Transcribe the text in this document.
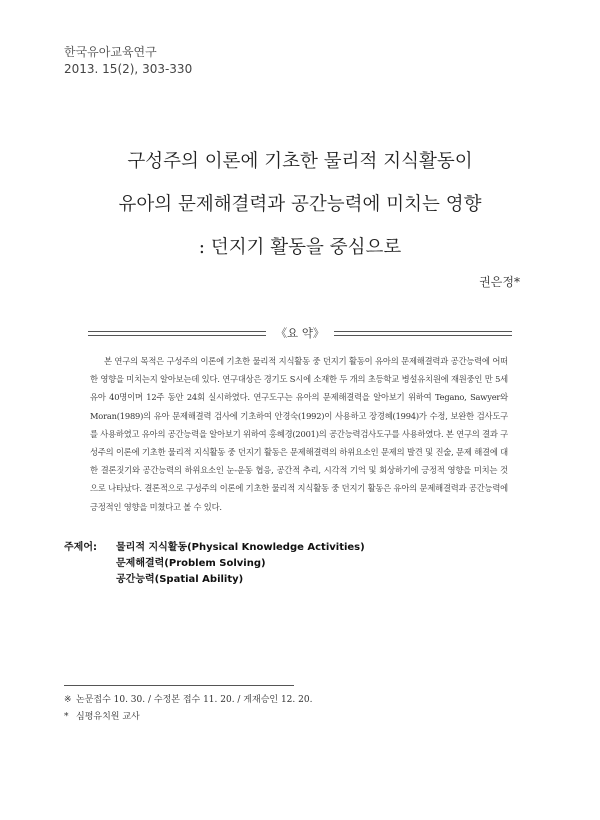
한국유아교육연구
2013. 15(2), 303-330
구성주의 이론에 기초한 물리적 지식활동이
유아의 문제해결력과 공간능력에 미치는 영향
: 던지기 활동을 중심으로
권은정*
《요 약》
본 연구의 목적은 구성주의 이론에 기초한 물리적 지식활동 중 던지기 활동이 유아의 문제해결력과 공간능력에 어떠한 영향을 미치는지 알아보는데 있다. 연구대상은 경기도 S시에 소재한 두 개의 초등학교 병설유치원에 재원중인 만 5세 유아 40명이며 12주 동안 24회 실시하였다. 연구도구는 유아의 문제해결력을 알아보기 위하여 Tegano, Sawyer와 Moran(1989)의 유아 문제해결력 검사에 기초하여 안경숙(1992)이 사용하고 장경혜(1994)가 수정, 보완한 검사도구를 사용하였고 유아의 공간능력을 알아보기 위하여 홍혜경(2001)의 공간능력검사도구를 사용하였다. 본 연구의 결과 구성주의 이론에 기초한 물리적 지식활동 중 던지기 활동은 문제해결력의 하위요소인 문제의 발견 및 진술, 문제 해결에 대한 결론짓기와 공간능력의 하위요소인 눈-운동 협응, 공간적 추리, 시각적 기억 및 회상하기에 긍정적 영향을 미치는 것으로 나타났다. 결론적으로 구성주의 이론에 기초한 물리적 지식활동 중 던지기 활동은 유아의 문제해결력과 공간능력에 긍정적인 영향을 미쳤다고 볼 수 있다.
주제어:	물리적 지식활동(Physical Knowledge Activities)
문제해결력(Problem Solving)
공간능력(Spatial Ability)
※ 논문접수 10. 30. / 수정본 접수 11. 20. / 게재승인 12. 20.
* 심평유치원 교사
